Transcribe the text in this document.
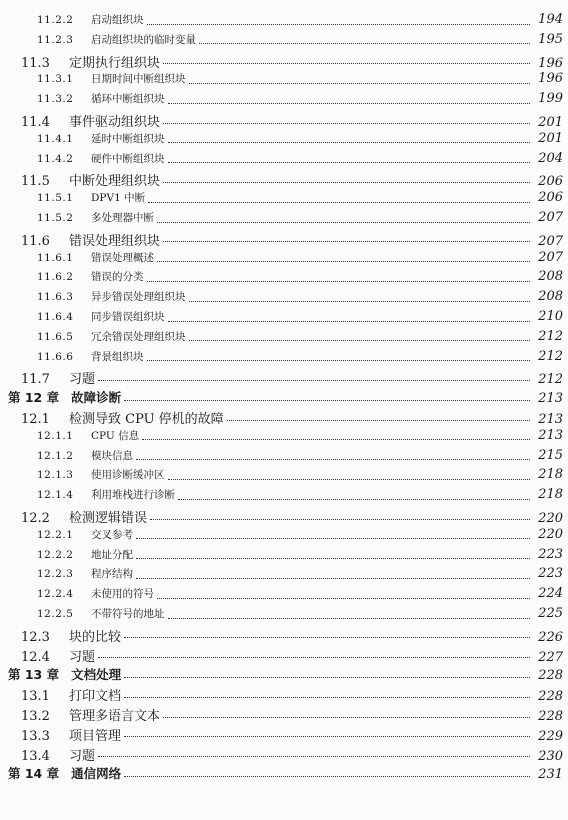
11.2.2	启动组织块	194
11.2.3	启动组织块的临时变量	195
11.3	定期执行组织块	196
11.3.1	日期时间中断组织块	196
11.3.2	循环中断组织块	199
11.4	事件驱动组织块	201
11.4.1	延时中断组织块	201
11.4.2	硬件中断组织块	204
11.5	中断处理组织块	206
11.5.1	DPV1 中断	206
11.5.2	多处理器中断	207
11.6	错误处理组织块	207
11.6.1	错误处理概述	207
11.6.2	错误的分类	208
11.6.3	异步错误处理组织块	208
11.6.4	同步错误组织块	210
11.6.5	冗余错误处理组织块	212
11.6.6	背景组织块	212
11.7	习题	212
第 12 章 故障诊断	213
12.1	检测导致 CPU 停机的故障	213
12.1.1	CPU 信息	213
12.1.2	模块信息	215
12.1.3	使用诊断缓冲区	218
12.1.4	利用堆栈进行诊断	218
12.2	检测逻辑错误	220
12.2.1	交叉参考	220
12.2.2	地址分配	223
12.2.3	程序结构	223
12.2.4	未使用的符号	224
12.2.5	不带符号的地址	225
12.3	块的比较	226
12.4	习题	227
第 13 章 文档处理	228
13.1	打印文档	228
13.2	管理多语言文本	228
13.3	项目管理	229
13.4	习题	230
第 14 章 通信网络	231
